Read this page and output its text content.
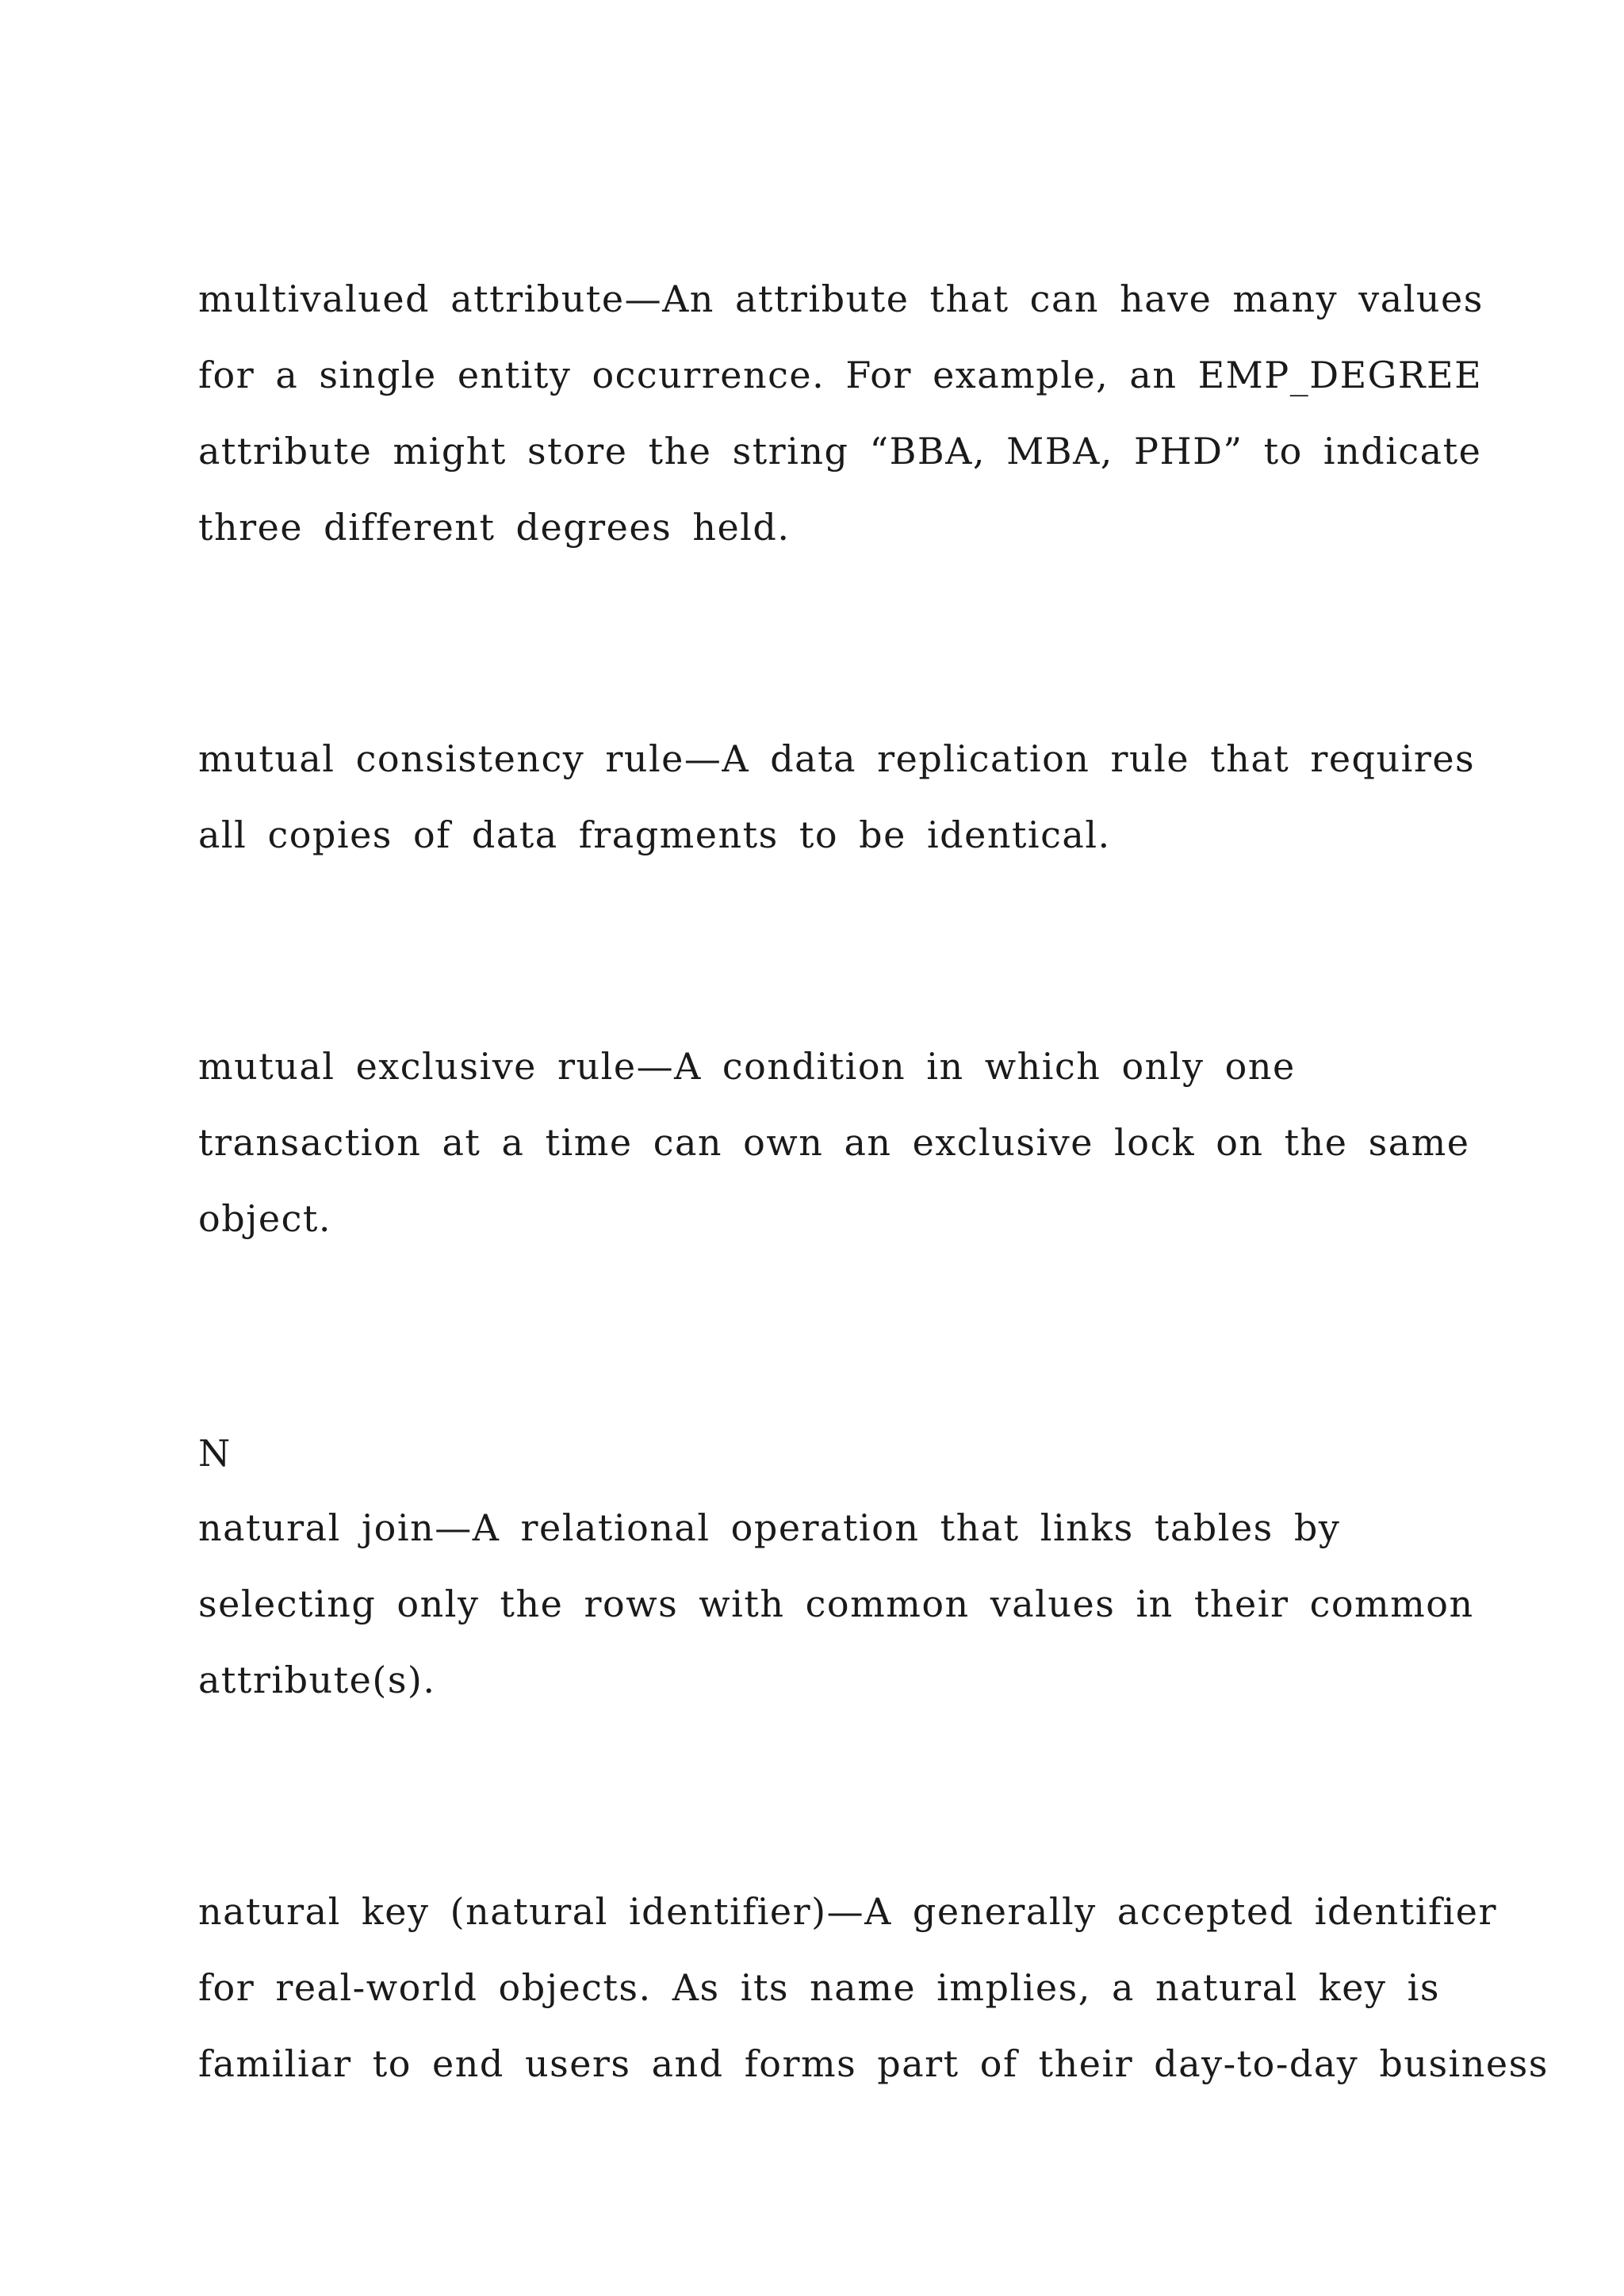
multivalued attribute—An attribute that can have many values

for a single entity occurrence. For example, an EMP_DEGREE

attribute might store the string “BBA, MBA, PHD” to indicate

three different degrees held.

mutual consistency rule—A data replication rule that requires

all copies of data fragments to be identical.

mutual exclusive rule—A condition in which only one

transaction at a time can own an exclusive lock on the same

object.

N

natural join—A relational operation that links tables by

selecting only the rows with common values in their common

attribute(s).

natural key (natural identifier)—A generally accepted identifier

for real-world objects. As its name implies, a natural key is

familiar to end users and forms part of their day-to-day business
